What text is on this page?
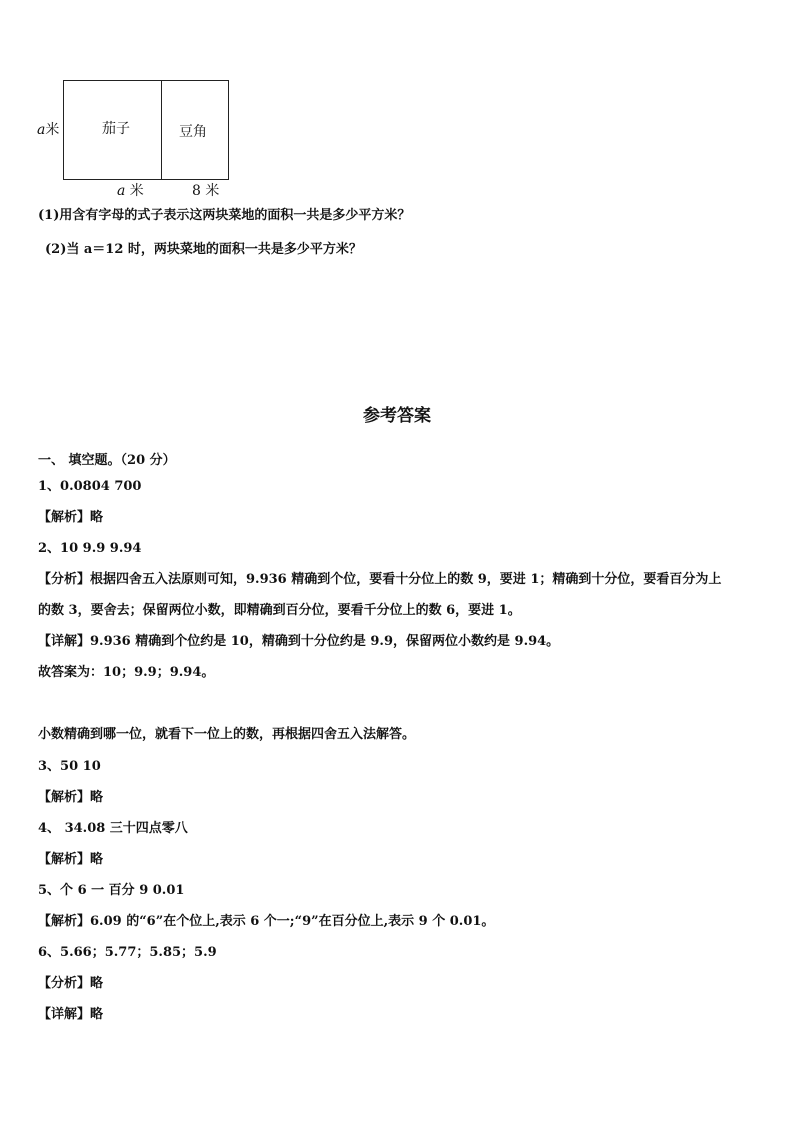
a米	茄子	豆角
a 米	8 米
(1)用含有字母的式子表示这两块菜地的面积一共是多少平方米？
(2)当 a＝12 时，两块菜地的面积一共是多少平方米？
参考答案
一、 填空题。（20 分）
1、0.0804 700
【解析】略
2、10 9.9 9.94
【分析】根据四舍五入法原则可知，9.936 精确到个位，要看十分位上的数 9，要进 1；精确到十分位，要看百分为上
的数 3，要舍去；保留两位小数，即精确到百分位，要看千分位上的数 6，要进 1。
【详解】9.936 精确到个位约是 10，精确到十分位约是 9.9，保留两位小数约是 9.94。
故答案为：10；9.9；9.94。
小数精确到哪一位，就看下一位上的数，再根据四舍五入法解答。
3、50 10
【解析】略
4、 34.08 三十四点零八
【解析】略
5、个 6 一 百分 9 0.01
【解析】6.09 的“6”在个位上,表示 6 个一;“9”在百分位上,表示 9 个 0.01。
6、5.66；5.77；5.85；5.9
【分析】略
【详解】略
